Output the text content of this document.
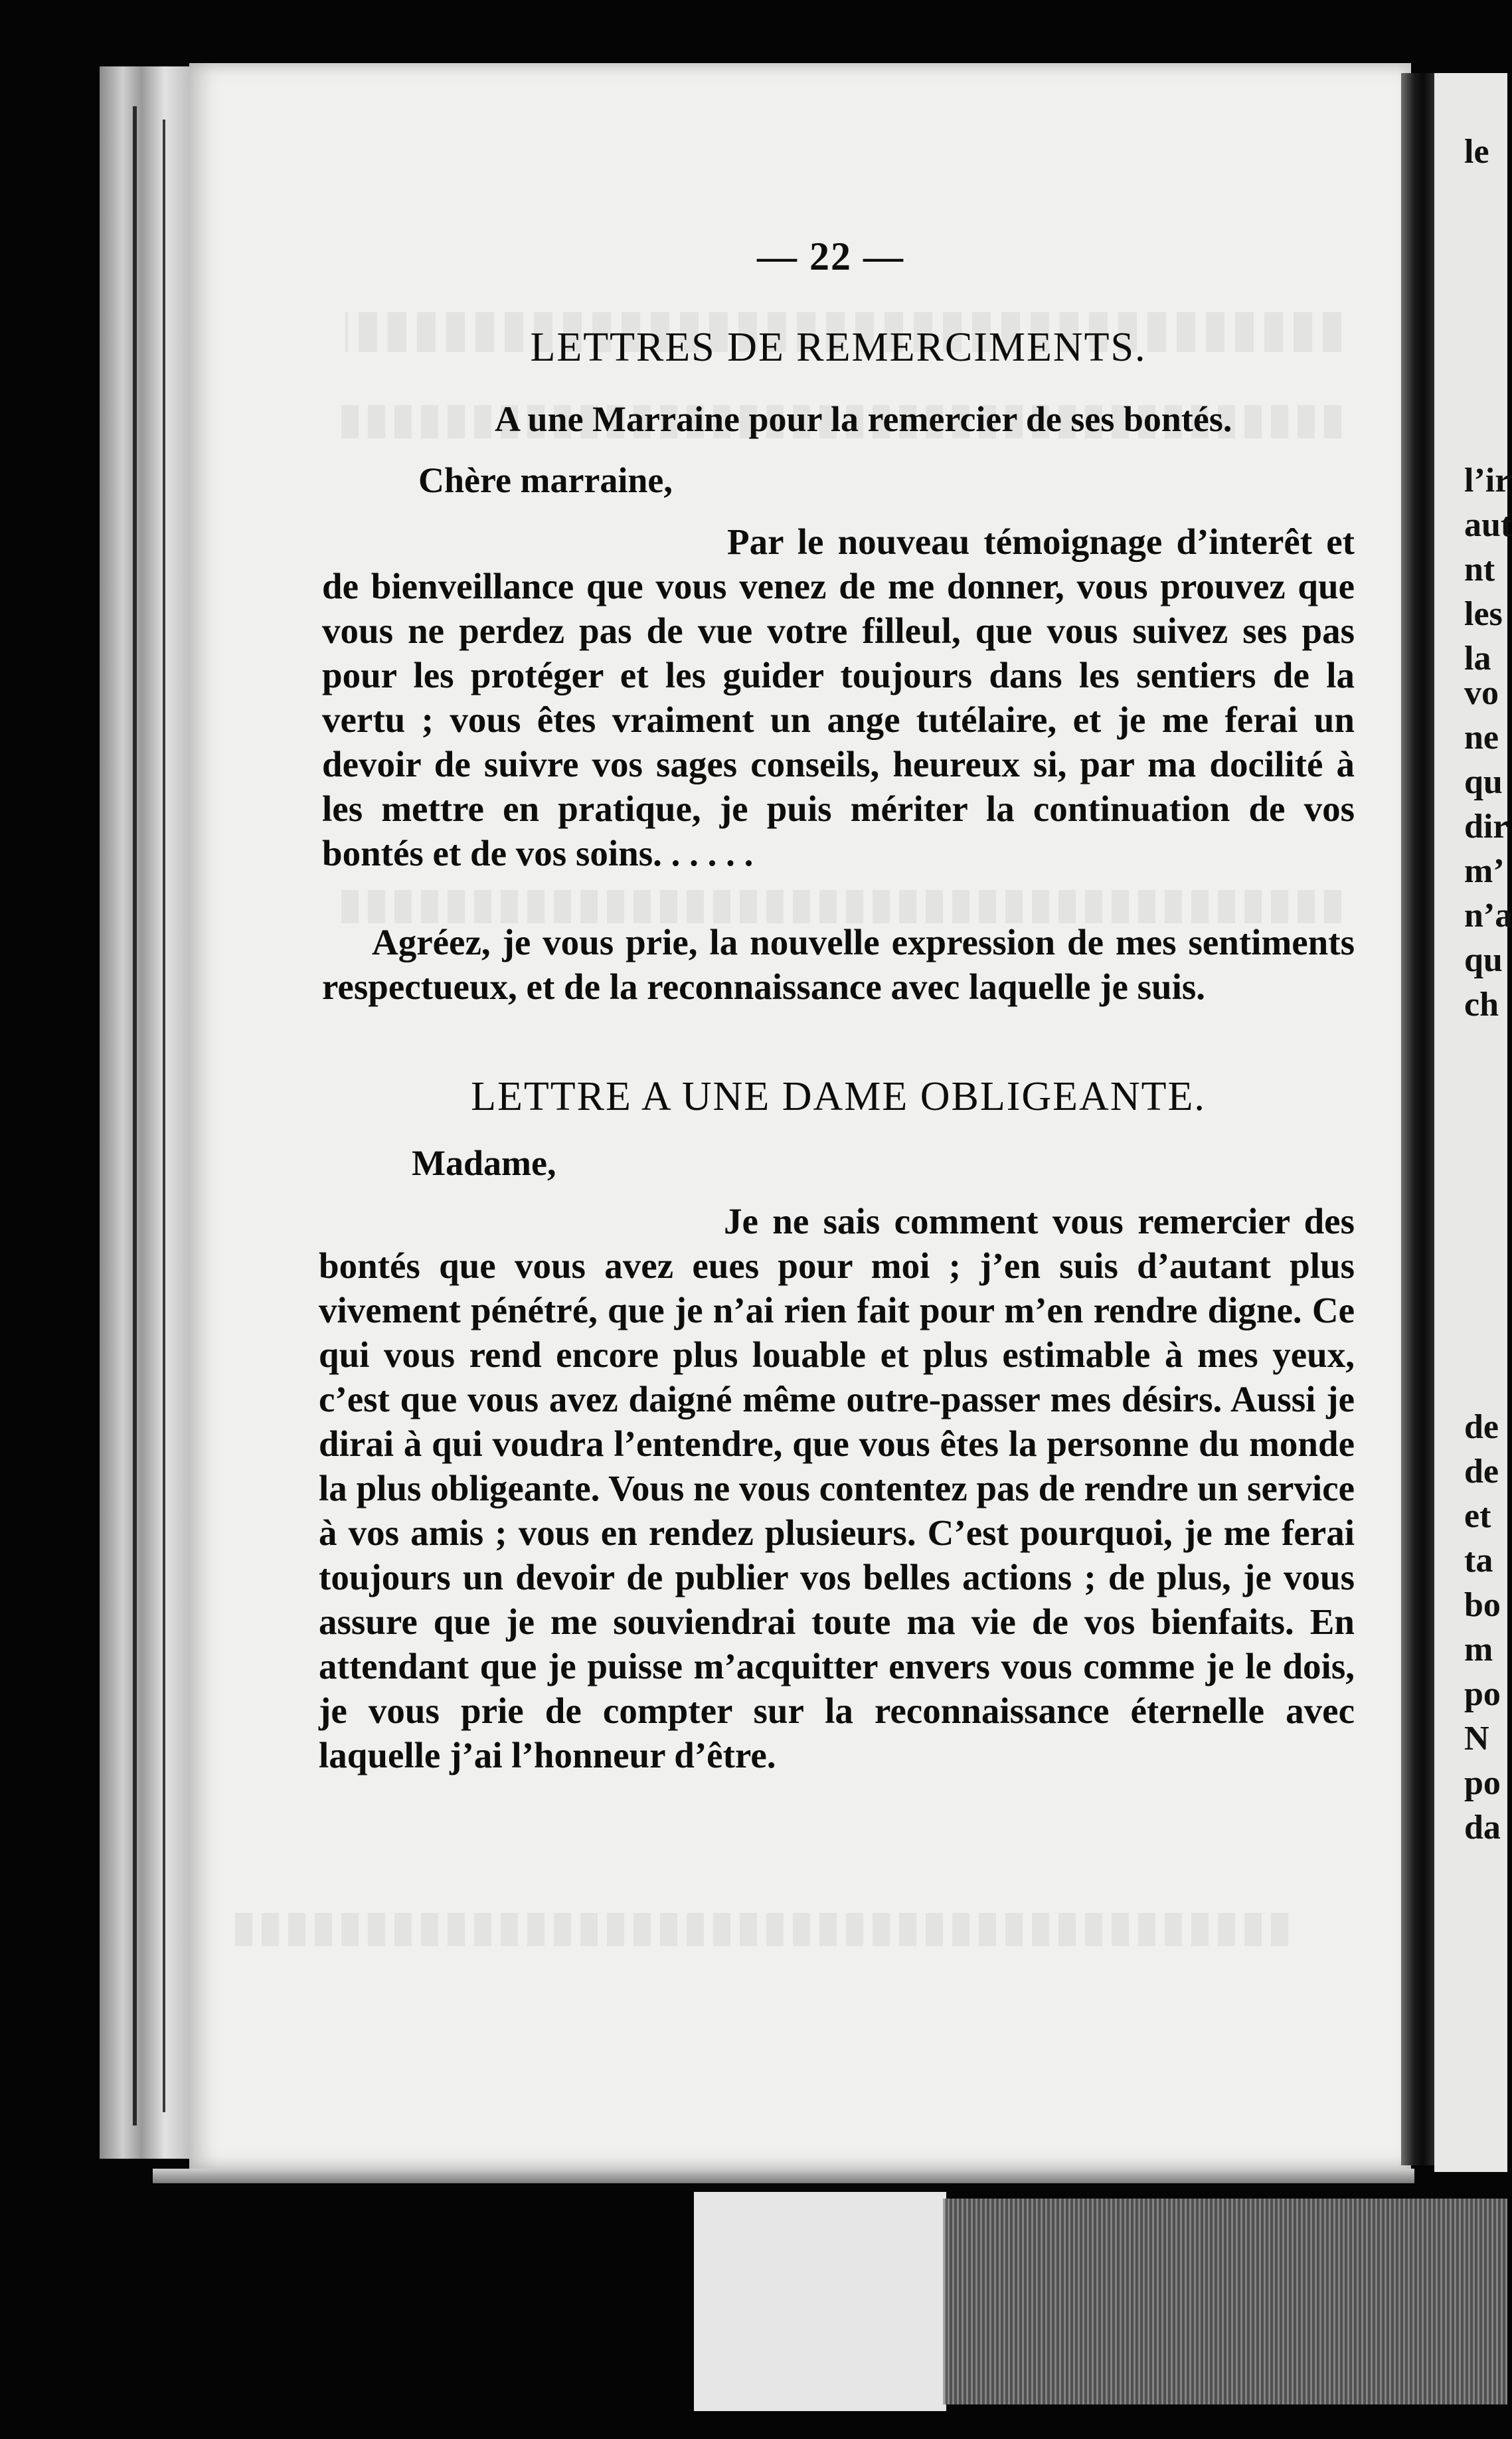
— 22 —
LETTRES DE REMERCIMENTS.
A une Marraine pour la remercier de ses bontés.
Chère marraine,

Par le nouveau témoignage d’interêt et de bienveillance que vous venez de me donner, vous prouvez que vous ne perdez pas de vue votre filleul, que vous suivez ses pas pour les protéger et les guider toujours dans les sentiers de la vertu ; vous êtes vraiment un ange tutélaire, et je me ferai un devoir de suivre vos sages conseils, heureux si, par ma docilité à les mettre en pratique, je puis mériter la continuation de vos bontés et de vos soins. . . . . .

Agréez, je vous prie, la nouvelle expression de mes sentiments respectueux, et de la reconnaissance avec laquelle je suis.

LETTRE A UNE DAME OBLIGEANTE.
Madame,

Je ne sais comment vous remercier des bontés que vous avez eues pour moi ; j’en suis d’autant plus vivement pénétré, que je n’ai rien fait pour m’en rendre digne. Ce qui vous rend encore plus louable et plus estimable à mes yeux, c’est que vous avez daigné même outre-passer mes désirs. Aussi je dirai à qui voudra l’entendre, que vous êtes la personne du monde la plus obligeante. Vous ne vous contentez pas de rendre un service à vos amis ; vous en rendez plusieurs. C’est pourquoi, je me ferai toujours un devoir de publier vos belles actions ; de plus, je vous assure que je me souviendrai toute ma vie de vos bienfaits. En attendant que je puisse m’acquitter envers vous comme je le dois, je vous prie de compter sur la reconnaissance éternelle avec laquelle j’ai l’honneur d’être.

le
l’ir
aut
nt
les
la
vo
ne
qu
dir
m’
n’a
qu
ch
de
de
et
ta
bo
m
po
N
po
da
